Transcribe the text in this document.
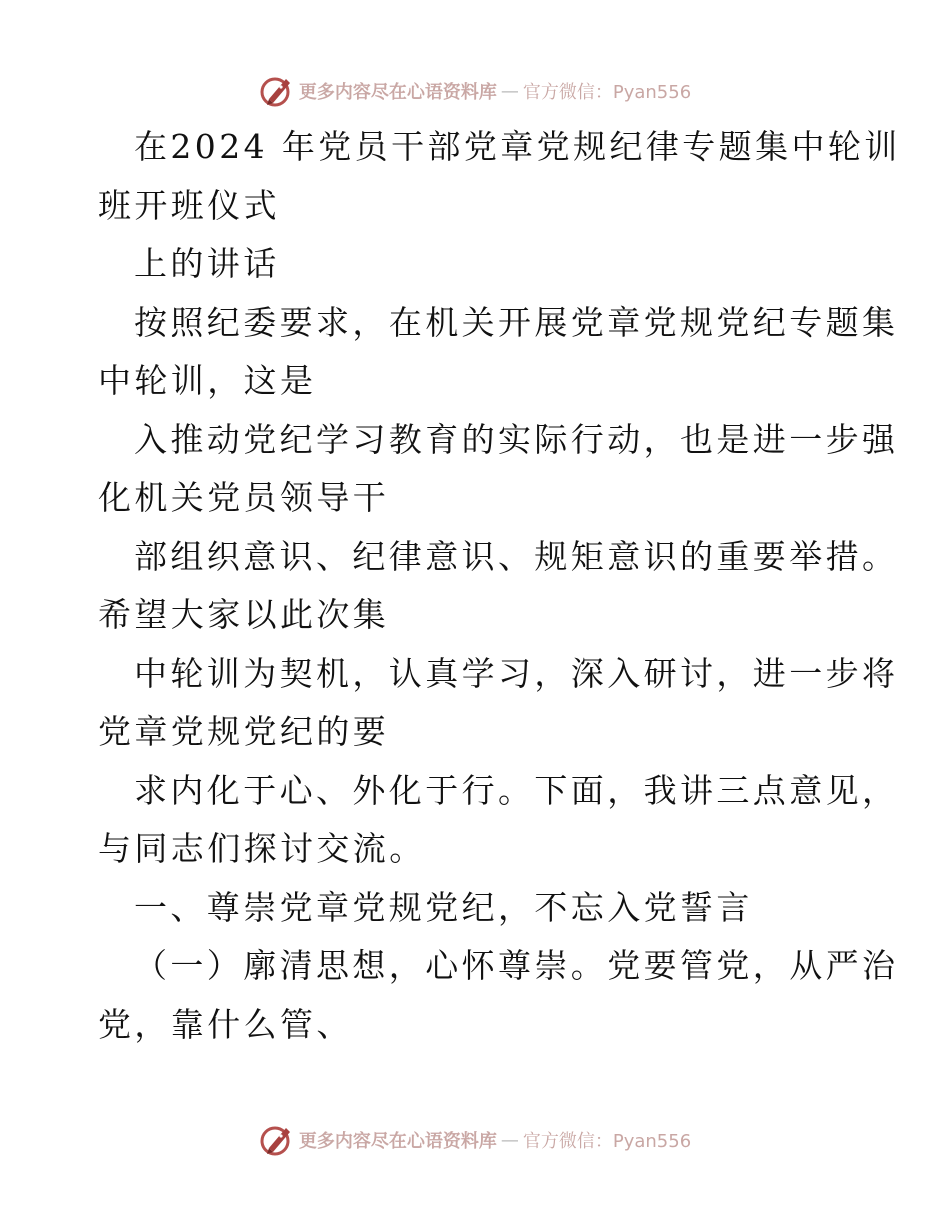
更多内容尽在心语资料库 — 官方微信：Pyan556
在2024 年党员干部党章党规纪律专题集中轮训
班开班仪式
上的讲话
按照纪委要求，在机关开展党章党规党纪专题集
中轮训，这是
入推动党纪学习教育的实际行动，也是进一步强
化机关党员领导干
部组织意识、纪律意识、规矩意识的重要举措。
希望大家以此次集
中轮训为契机，认真学习，深入研讨，进一步将
党章党规党纪的要
求内化于心、外化于行。下面，我讲三点意见，
与同志们探讨交流。
一、尊崇党章党规党纪，不忘入党誓言
（一）廓清思想，心怀尊崇。党要管党，从严治
党，靠什么管、
更多内容尽在心语资料库 — 官方微信：Pyan556
